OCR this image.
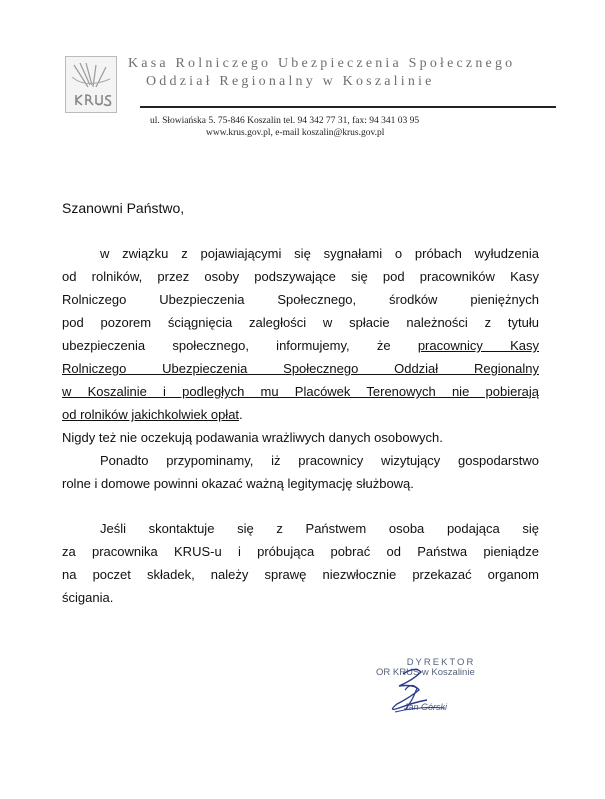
Kasa Rolniczego Ubezpieczenia Społecznego
Oddział Regionalny w Koszalinie
ul. Słowiańska 5. 75-846 Koszalin tel. 94 342 77 31, fax: 94 341 03 95
www.krus.gov.pl, e-mail koszalin@krus.gov.pl
Szanowni Państwo,

w związku z pojawiającymi się sygnałami o próbach wyłudzenia

od rolników, przez osoby podszywające się pod pracowników Kasy

Rolniczego Ubezpieczenia Społecznego, środków pieniężnych

pod pozorem ściągnięcia zaległości w spłacie należności z tytułu

ubezpieczenia społecznego, informujemy, że pracownicy Kasy

Rolniczego Ubezpieczenia Społecznego Oddział Regionalny

w Koszalinie i podległych mu Placówek Terenowych nie pobierają

od rolników jakichkolwiek opłat.

Nigdy też nie oczekują podawania wrażliwych danych osobowych.

Ponadto przypominamy, iż pracownicy wizytujący gospodarstwo

rolne i domowe powinni okazać ważną legitymację służbową.

Jeśli skontaktuje się z Państwem osoba podająca się

za pracownika KRUS-u i próbująca pobrać od Państwa pieniądze

na poczet składek, należy sprawę niezwłocznie przekazać organom

ścigania.

DYREKTOR
OR KRUS w Koszalinie
Jan Górski
